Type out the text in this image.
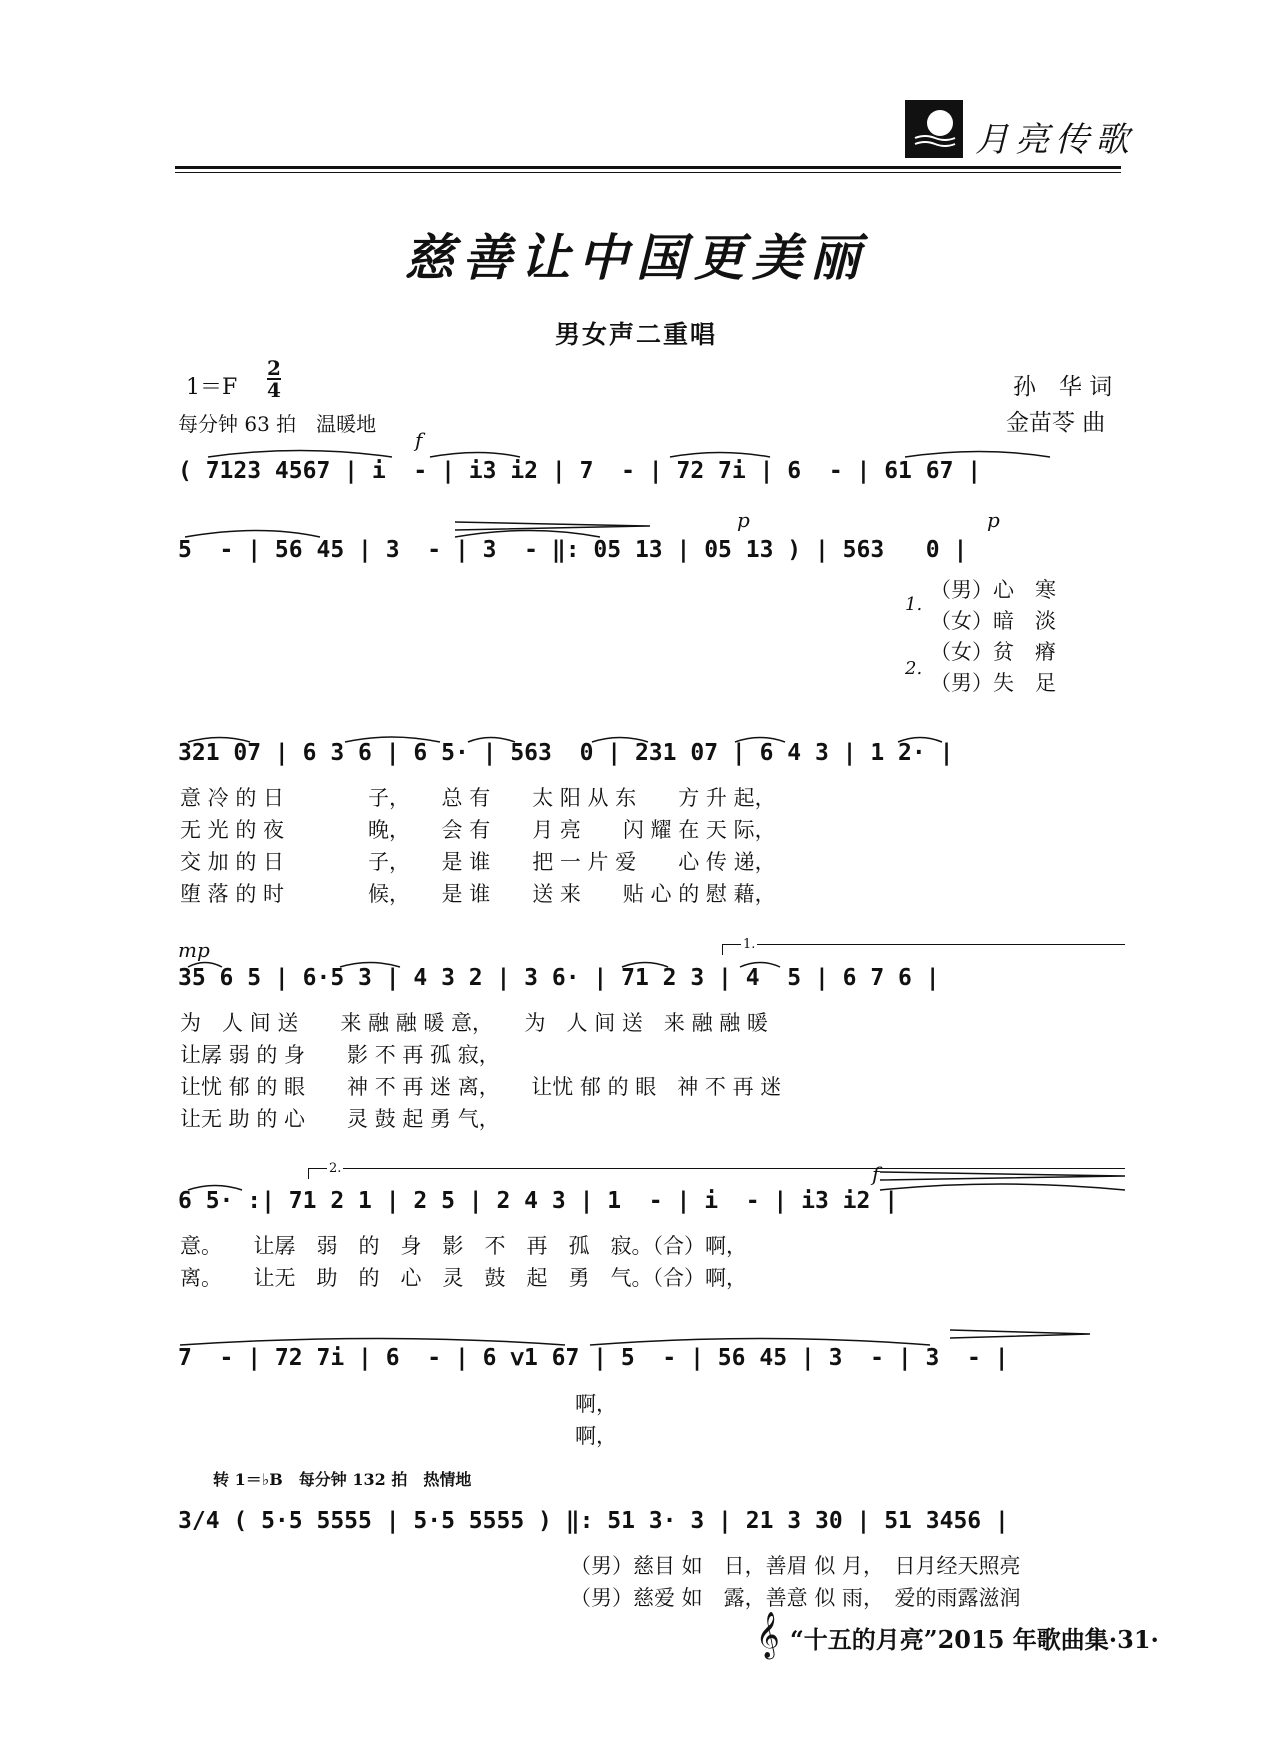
月亮传歌
慈善让中国更美丽
男女声二重唱
1＝F
2
4
每分钟 63 拍　温暖地
孙　华 词
金苗苓 曲
f
( 7123 4567 | i  - | i3 i2 | 7  - | 72 7i | 6  - | 61 67 |
p	p
5  - | 56 45 | 3  - | 3  - ‖: 05 13 | 05 13 ) | 563   0 |
1.
2.
（男）心　寒
（女）暗　淡
（女）贫　瘠
（男）失　足
321 07 | 6 3 6 | 6 5· | 563  0 | 231 07 | 6 4 3 | 1 2· |
意 冷 的 日　　　　子，　　总 有　　太 阳 从 东　　方 升 起，
无 光 的 夜　　　　晚，　　会 有　　月 亮　　闪 耀 在 天 际，
交 加 的 日　　　　子，　　是 谁　　把 一 片 爱　　心 传 递，
堕 落 的 时　　　　候，　　是 谁　　送 来　　贴 心 的 慰 藉，
mp	1.
35 6 5 | 6·5 3 | 4 3 2 | 3 6· | 71 2 3 | 4  5 | 6 7 6 |
为　人 间 送　　来 融 融 暖 意，　　为　人 间 送　来 融 融 暖
让孱 弱 的 身　　影 不 再 孤 寂，
让忧 郁 的 眼　　神 不 再 迷 离，　　让忧 郁 的 眼　神 不 再 迷
让无 助 的 心　　灵 鼓 起 勇 气，
2.	f
6 5· :| 71 2 1 | 2 5 | 2 4 3 | 1  - | i  - | i3 i2 |
意。　　让孱　弱　的　身　影　不　再　孤　寂。（合）啊，
离。　　让无　助　的　心　灵　鼓　起　勇　气。（合）啊，
7  - | 72 7i | 6  - | 6 ⅴ1 67 | 5  - | 56 45 | 3  - | 3  - |
啊，
啊，
转 1＝♭B　每分钟 132 拍　热情地
3/4 ( 5·5 5555 | 5·5 5555 ) ‖: 51 3· 3 | 21 3 30 | 51 3456 |
（男）慈目 如　日，善眉 似 月，　日月经天照亮
（男）慈爱 如　露，善意 似 雨，　爱的雨露滋润
𝄞 “十五的月亮”2015 年歌曲集·31·
